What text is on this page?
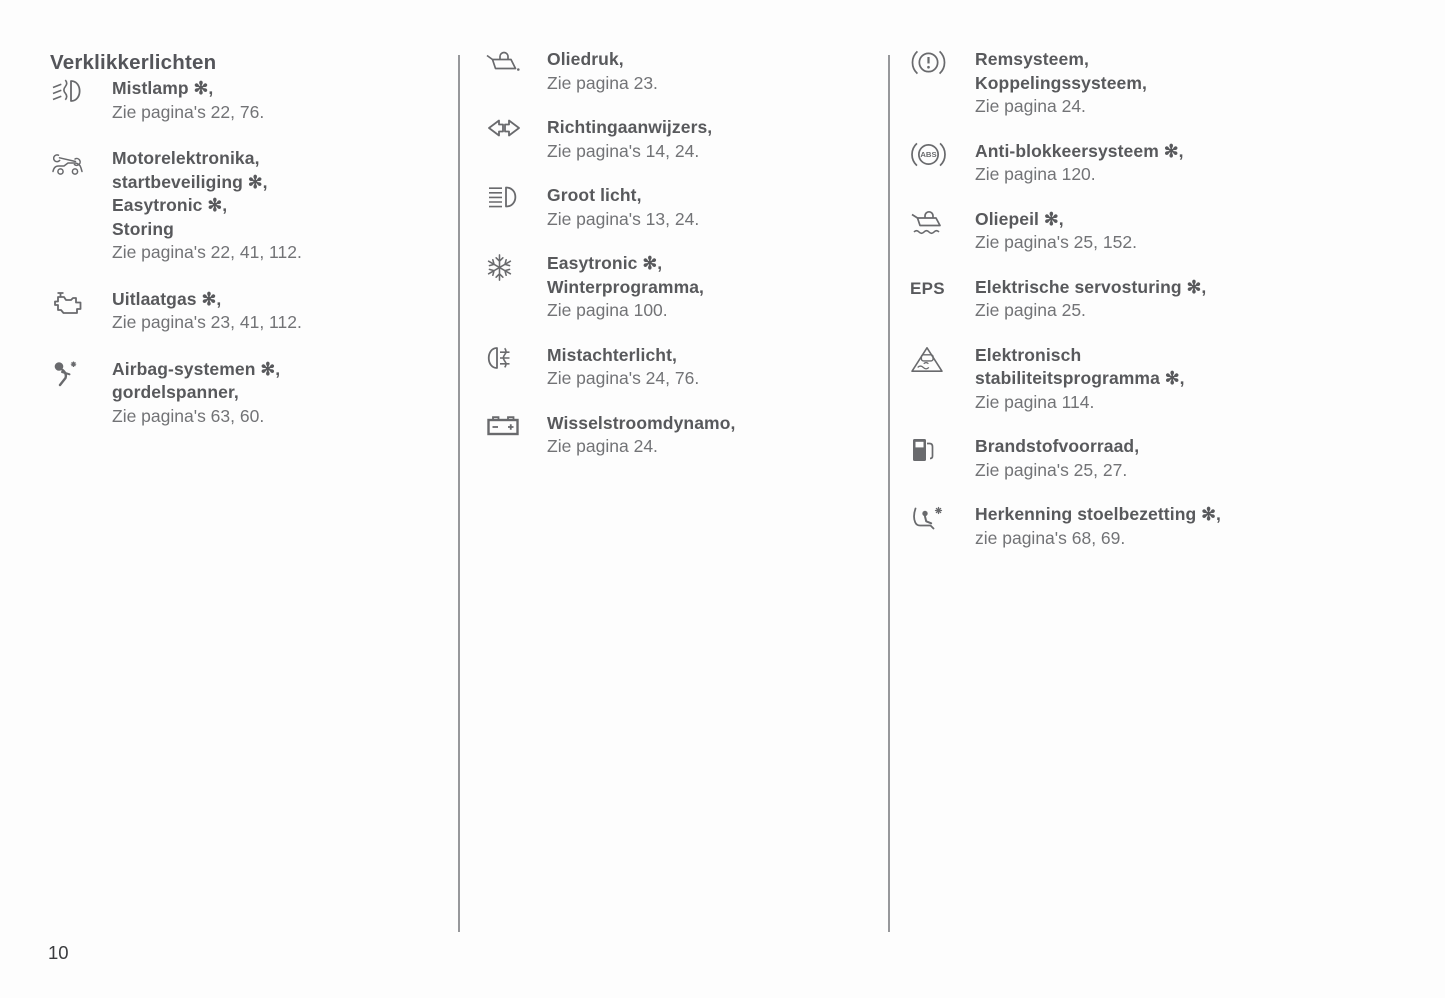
Verklikkerlichten
Mistlamp ✻,
Zie pagina's 22, 76.
Motorelektronika,
startbeveiliging ✻,
Easytronic ✻,
Storing
Zie pagina's 22, 41, 112.
Uitlaatgas ✻,
Zie pagina's 23, 41, 112.
Airbag-systemen ✻,
gordelspanner,
Zie pagina's 63, 60.
Oliedruk,
Zie pagina 23.
Richtingaanwijzers,
Zie pagina's 14, 24.
Groot licht,
Zie pagina's 13, 24.
Easytronic ✻,
Winterprogramma,
Zie pagina 100.
Mistachterlicht,
Zie pagina's 24, 76.
Wisselstroomdynamo,
Zie pagina 24.
Remsysteem,
Koppelingssysteem,
Zie pagina 24.
ABS Anti-blokkeersysteem ✻,
Zie pagina 120.
Oliepeil ✻,
Zie pagina's 25, 152.
EPS	Elektrische servosturing ✻,
Zie pagina 25.
Elektronisch
stabiliteitsprogramma ✻,
Zie pagina 114.
Brandstofvoorraad,
Zie pagina's 25, 27.
Herkenning stoelbezetting ✻,
zie pagina's 68, 69.
10
